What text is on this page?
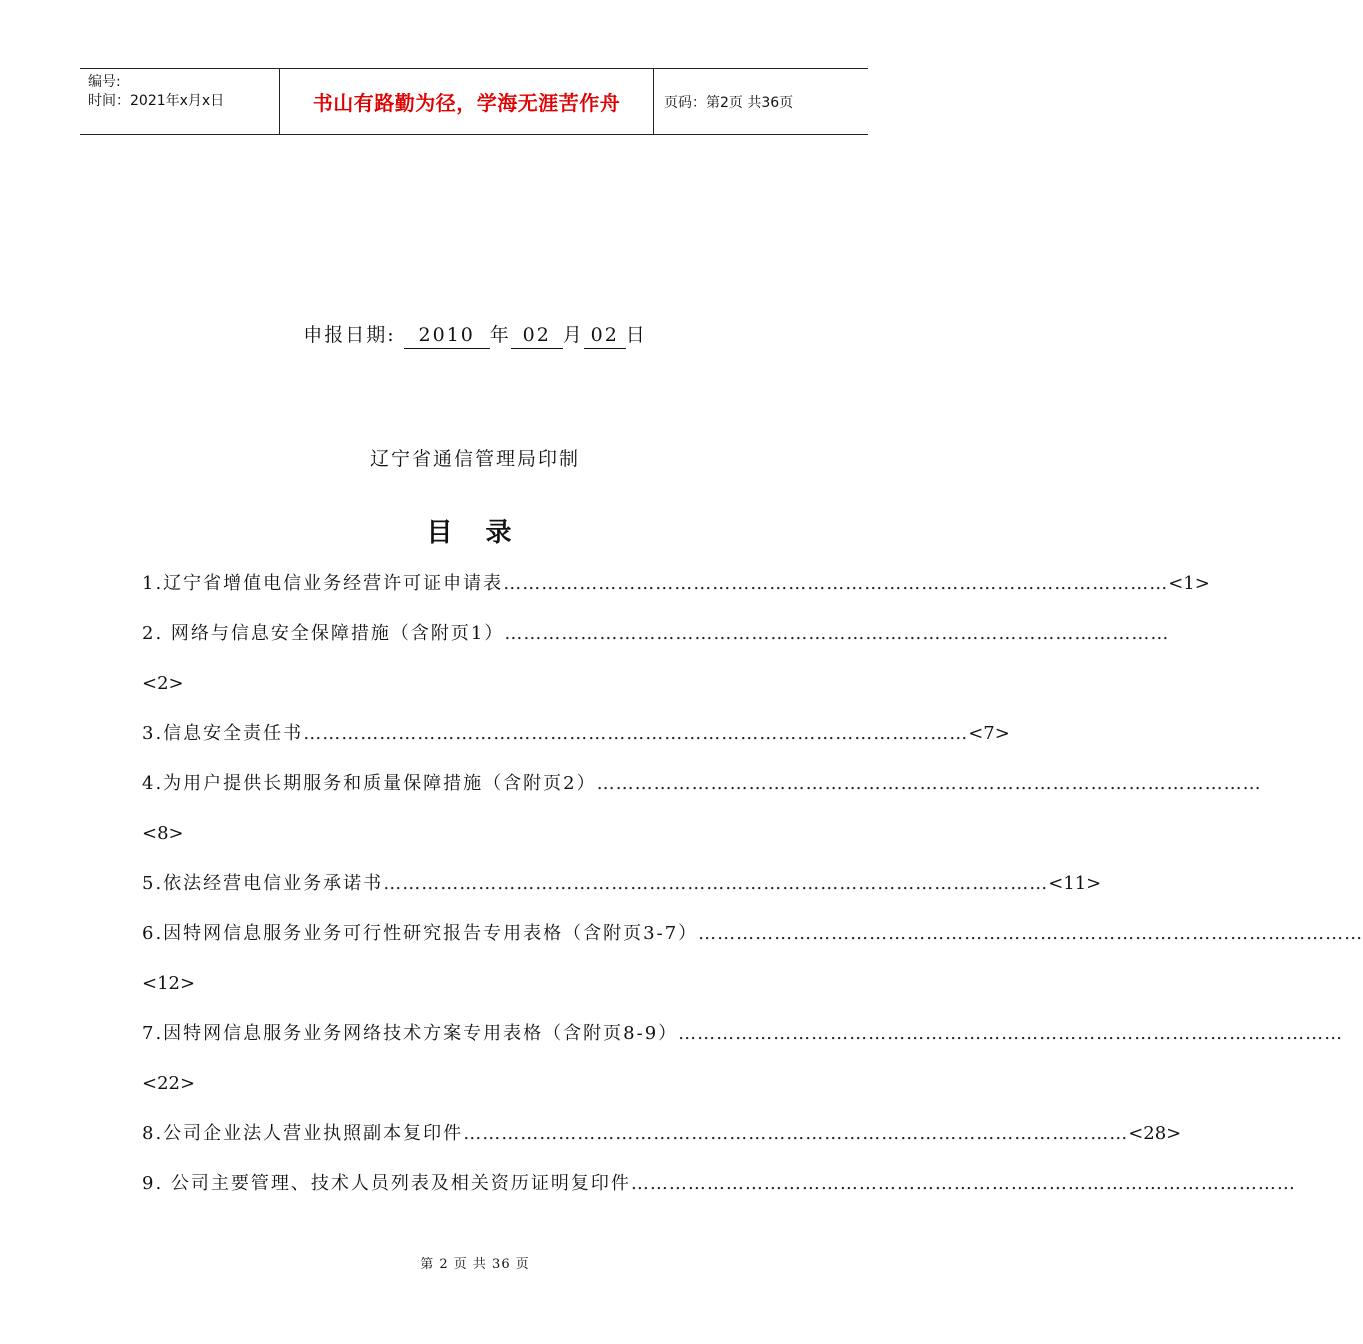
编号:
时间：2021年x月x日	书山有路勤为径，学海无涯苦作舟	页码：第2页 共36页
申报日期: 2010 年 02 月 02 日
辽宁省通信管理局印制
目 录
1.辽宁省增值电信业务经营许可证申请表 …………………………………………………………………………………………… <1>
2. 网络与信息安全保障措施（含附页1） ……………………………………………………………………………………………
<2>
3.信息安全责任书 …………………………………………………………………………………………… <7>
4.为用户提供长期服务和质量保障措施（含附页2） ……………………………………………………………………………………………
<8>
5.依法经营电信业务承诺书 …………………………………………………………………………………………… <11>
6.因特网信息服务业务可行性研究报告专用表格（含附页3-7） ……………………………………………………………………………………………
<12>
7.因特网信息服务业务网络技术方案专用表格（含附页8-9） ……………………………………………………………………………………………
<22>
8.公司企业法人营业执照副本复印件 …………………………………………………………………………………………… <28>
9. 公司主要管理、技术人员列表及相关资历证明复印件 ……………………………………………………………………………………………
第 2 页 共 36 页
